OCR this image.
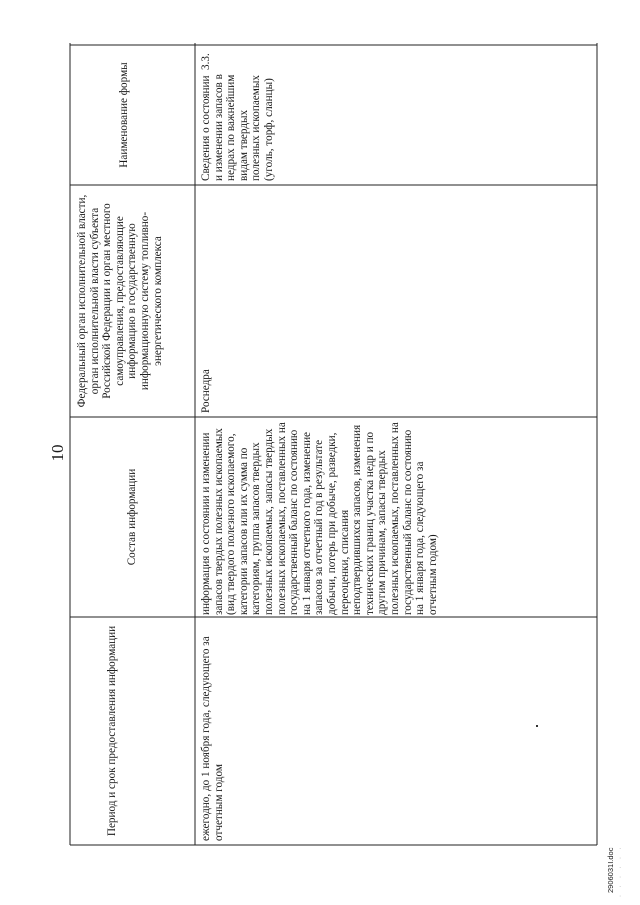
10
Наименование формы
Федеральный орган исполнительной власти, орган исполнительной власти субъекта Российской Федерации и орган местного самоуправления, предоставляющие информацию в государственную информационную систему топливно-энергетического комплекса
Состав информации
Период и срок предоставления информации
3.3.
Сведения о состоянии и изменении запасов в недрах по важнейшим видам твердых полезных ископаемых (уголь, торф, сланцы)
Роснедра
информация о состоянии и изменении запасов твердых полезных ископаемых (вид твердого полезного ископаемого, категории запасов или их сумма по категориям, группа запасов твердых полезных ископаемых, запасы твердых полезных ископаемых, поставленных на государственный баланс по состоянию на 1 января отчетного года, изменение запасов за отчетный год в результате добычи, потерь при добыче, разведки, переоценки, списания неподтвердившихся запасов, изменения технических границ участка недр и по другим причинам, запасы твердых полезных ископаемых, поставленных на государственный баланс по состоянию на 1 января года, следующего за отчетным годом)
ежегодно, до 1 ноября года, следующего за отчетным годом
2906031I.doc · · · · · ·
